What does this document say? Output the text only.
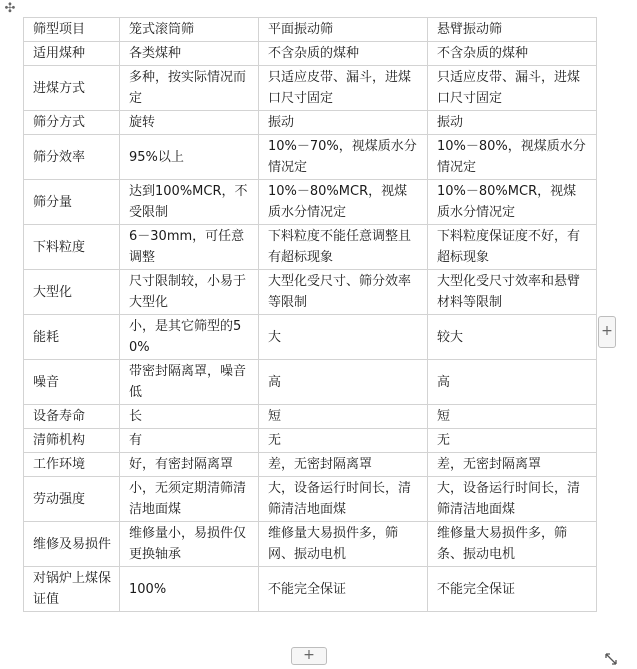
✣
筛型项目	笼式滚筒筛	平面振动筛	悬臂振动筛
适用煤种	各类煤种	不含杂质的煤种	不含杂质的煤种
进煤方式	多种，按实际情况而定	只适应皮带、漏斗，进煤口尺寸固定	只适应皮带、漏斗，进煤口尺寸固定
筛分方式	旋转	振动	振动
筛分效率	95%以上	10%－70%，视煤质水分情况定	10%－80%，视煤质水分情况定
筛分量	达到100%MCR，不受限制	10%－80%MCR，视煤质水分情况定	10%－80%MCR，视煤质水分情况定
下料粒度	6－30mm，可任意调整	下料粒度不能任意调整且有超标现象	下料粒度保证度不好，有超标现象
大型化	尺寸限制较，小易于大型化	大型化受尺寸、筛分效率等限制	大型化受尺寸效率和悬臂材料等限制
能耗	小，是其它筛型的50%	大	较大
噪音	带密封隔离罩，噪音低	高	高
设备寿命	长	短	短
清筛机构	有	无	无
工作环境	好，有密封隔离罩	差，无密封隔离罩	差，无密封隔离罩
劳动强度	小，无须定期清筛清洁地面煤	大，设备运行时间长，清筛清洁地面煤	大，设备运行时间长，清筛清洁地面煤
维修及易损件	维修量小，易损件仅更换轴承	维修量大易损件多，筛网、振动电机	维修量大易损件多，筛条、振动电机
对锅炉上煤保证值	100%	不能完全保证	不能完全保证
+
+
